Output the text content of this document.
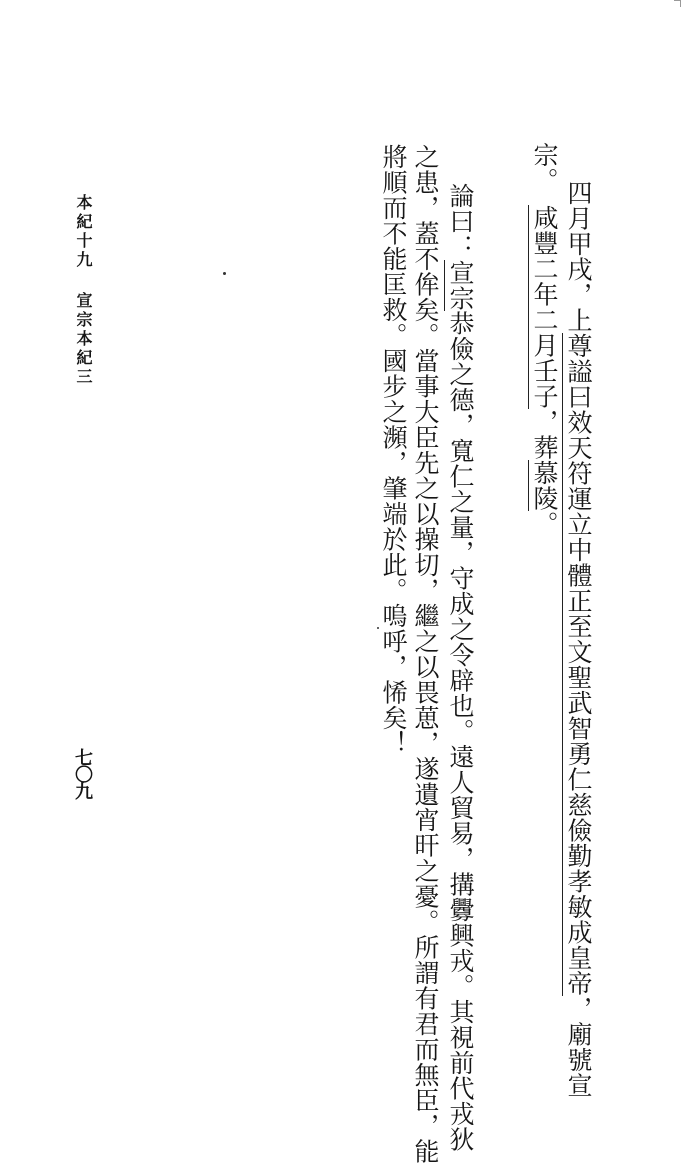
四月甲戌，上尊謚曰效天符運立中體正至文聖武智勇仁慈儉勤孝敏成皇帝，廟號宣
宗。咸豐二年二月壬子，葬慕陵。
論曰：宣宗恭儉之德，寬仁之量，守成之令辟也。遠人貿易，搆釁興戎。其視前代戎狄
之患，蓋不侔矣。當事大臣先之以操切，繼之以畏葸，遂遺宵旰之憂。所謂有君而無臣，能
將順而不能匡救。國步之瀕，肇端於此。嗚呼，悕矣！
本紀十九
宣宗本紀三
七〇九
